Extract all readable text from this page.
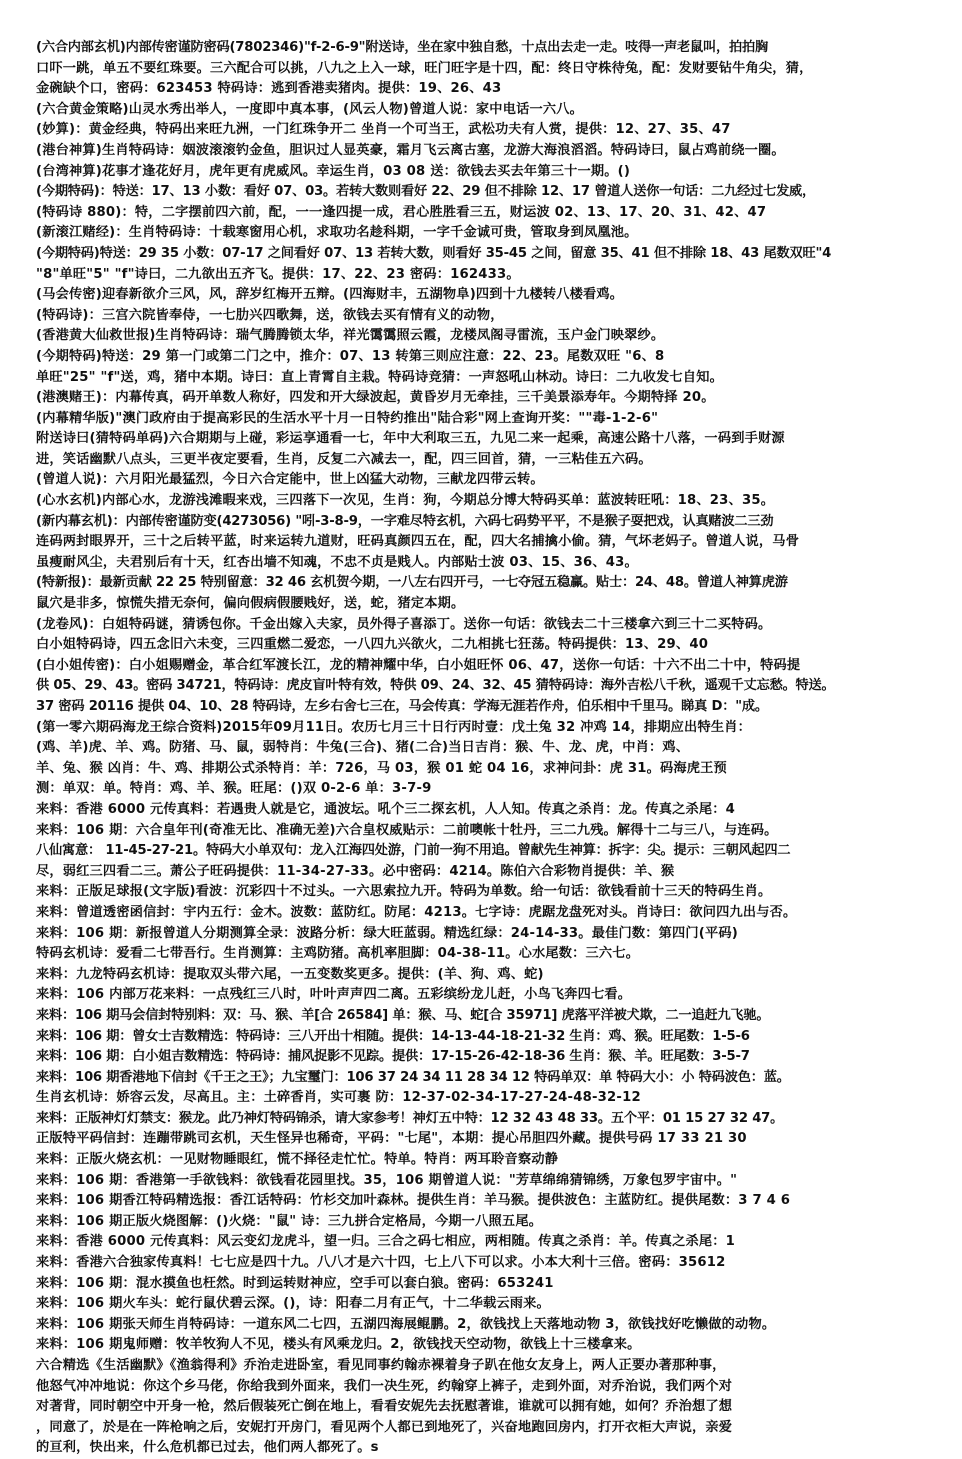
(六合内部玄机)内部传密谨防密码(7802346)"f-2-6-9"附送诗，坐在家中独自愁，十点出去走一走。吱得一声老鼠叫，拍拍胸
口吓一跳，单五不要红珠要。三六配合可以挑，八九之上入一球，旺门旺字是十四，配：终日守株待兔，配：发财要钻牛角尖，猜，
金碗缺个口，密码：623453 特码诗：逃到香港卖猪肉。提供：19、26、43
(六合黄金策略)山灵水秀出举人，一度即中真本事，(风云人物)曾道人说：家中电话一六八。
(妙算)：黄金经典，特码出来旺九洲，一门红珠争开二 坐肖一个可当王，武松功夫有人赏，提供：12、27、35、47
(港台神算)生肖特码诗：姻波滚滚钓金鱼，胆识过人显英豪，霜月飞云离古塞，龙游大海浪滔滔。特码诗曰，鼠占鸡前绕一圈。
(台湾神算)花事才逢花好月，虎年更有虎威风。幸运生肖，03 08 送：欲钱去买去年第三十一期。()
(今期特码)：特送：17、13 小数：看好 07、03。若转大数则看好 22、29 但不排除 12、17 曾道人送你一句话：二九经过七发威，
(特码诗 880)：特，二字摆前四六前，配，一一逢四提一成，君心胜胜看三五，财运波 02、13、17、20、31、42、47
(新滚江赌经)：生肖特码诗：十载寒窗用心机，求取功名趁科期，一字千金诚可贵，管取身到凤凰池。
(今期特码)特送：29 35 小数：07-17 之间看好 07、13 若转大数，则看好 35-45 之间，留意 35、41 但不排除 18、43 尾数双旺"4
"8"单旺"5" "f"诗曰，二九欲出五齐飞。提供：17、22、23 密码：162433。
(马会传密)迎春新欲介三风，风，辞岁红梅开五辩。(四海财丰，五湖物阜)四到十九楼转八楼看鸡。
(特码诗)：三宫六院皆奉侍，一七肋兴四歌舞，送，欲钱去买有情有义的动物，
(香港黄大仙救世报)生肖特码诗：瑞气腾腾锁太华，祥光霭霭照云霞，龙楼凤阁寻雷流，玉户金门映翠纱。
(今期特码)特送：29 第一门或第二门之中，推介：07、13 转第三则应注意：22、23。尾数双旺 "6、8
单旺"25" "f"送，鸡，猪中本期。诗曰：直上青霄自主栽。特码诗竞猜：一声怒吼山林动。诗曰：二九收发七自知。
(港澳赌王)：内幕传真，码开单数人称好，四发和开大绿波起，黄昏岁月无牵挂，三千美景添寿年。今期特择 20。
(内幕精华版)"澳门政府由于提高彩民的生活水平十月一日特约推出"陆合彩"网上查询开奖：""毒-1-2-6"
附送诗曰(猜特码单码)六合期期与上碰，彩运享通看一七，年中大利取三五，九见二来一起乘，高速公路十八落，一码到手财源
进，笑话幽默八点头，三更半夜定要看，生肖，反复二六减去一，配，四三回首，猜，一三粘佳五六码。
(曾道人说)：六月阳光最猛烈，今日六合定能中，世上凶猛大动物，三献龙四带云转。
(心水玄机)内部心水，龙游浅滩暇来戏，三四落下一次见，生肖：狗，今期总分博大特码买单：蓝波转旺吼：18、23、35。
(新内幕玄机)：内部传密谨防变(4273056) "吲-3-8-9，一字难尽特玄机，六码七码势平平，不是猴子耍把戏，认真赌波二三劲
连码两封眼界开，三十之后转平蓝，时来运转九道财，旺码真颜四五在，配，四大名捕擒小偷。猜，气坏老妈子。曾道人说，马骨
虽瘦耐风尘，夫君别后有十天，红杏出墙不知魂，不忠不贞是贱人。内部贴士波 03、15、36、43。
(特新报)：最新贡献 22 25 特别留意：32 46 玄机贺今期，一八左右四开弓，一七夺冠五稳赢。贴士：24、48。曾道人神算虎游
鼠穴是非多，惊慌失措无奈何，偏向假病假腰贱好，送，蛇，猪定本期。
(龙卷风)：白姐特码谜，猜诱包你。千金出嫁入夫家，员外得子喜添丁。送你一句话：欲钱去二十三楼拿六到三十二买特码。
白小姐特码诗，四五念旧六未变，三四重燃二爱恋，一八四九兴欲火，二九相挑七狂荡。特码提供：13、29、40
(白小姐传密)：白小姐赐赠金，革合红军渡长江，龙的精神耀中华，白小姐旺怀 06、47，送你一句话：十六不出二十中，特码提
供 05、29、43。密码 34721，特码诗：虎皮盲叶特有效，特供 09、24、32、45 猜特码诗：海外吉松八千秋，遥观千丈忘愁。特送。
37 密码 20116 提供 04、10、28 特码诗，左乡右舍七三在，马会传真：学海无涯若作舟，伯乐相中千里马。睇真 D："成。
(第一零六期码海龙王综合资料)2015年09月11日。农历七月三十日行丙时壹：戊土兔 32 冲鸡 14，排期应出特生肖：
(鸡、羊)虎、羊、鸡。防猪、马、鼠，弱特肖：牛兔(三合)、猪(二合)当日吉肖：猴、牛、龙、虎，中肖：鸡、
羊、兔、猴 凶肖：牛、鸡、排期公式杀特肖：羊：726，马 03，猴 01 蛇 04 16，求神问卦：虎 31。码海虎王预
测：单双：单。特肖：鸡、羊、猴。旺尾：()双 0-2-6 单：3-7-9
来料：香港 6000 元传真料：若遇贵人就是它，通波坛。吼个三二探玄机，人人知。传真之杀肖：龙。传真之杀尾：4
来料：106 期：六合皇年刊(奇准无比、准确无差)六合皇权威贴示：二前噢帐十牡丹，三二九残。解得十二与三八，与连码。
八仙寓意： 11-45-27-21。特码大小单双句：龙入江海四处游，门前一狗不用追。曾献先生神算：拆字：尖。提示：三朝风起四二
尽，弱红三四看二三。萧公子旺码提供：11-34-27-33。必中密码：4214。陈伯六合彩物肖提供：羊、猴
来料：正版足球报(文字版)看波：沉彩四十不过头。一六思索拉九开。特码为单数。给一句话：欲钱看前十三天的特码生肖。
来料：曾道透密函信封：宇内五行：金木。波数：蓝防红。防尾：4213。七字诗：虎踞龙盘死对头。肖诗曰：欲问四九出与否。
来料：106 期：新报曾道人分期测算全录：波路分析：绿大旺蓝弱。精选红绿：24-14-33。最佳门数：第四门(平码)
特码玄机诗：爱看二七带吾行。生肖测算：主鸡防猪。高机率胆脚：04-38-11。心水尾数：三六七。
来料：九龙特码玄机诗：提取双头带六尾，一五变数奖更多。提供：(羊、狗、鸡、蛇)
来料：106 内部万花来料：一点残红三八时，叶叶声声四二离。五彩缤纷龙儿赶，小鸟飞奔四七看。
来料：106 期马会信封特别料：双：马、猴、羊[合 26584] 单：猴、马、蛇[合 35971] 虎落平洋被犬欺，二一追赶九飞驰。
来料：106 期：曾女士吉数精选：特码诗：三八开出十相随。提供：14-13-44-18-21-32 生肖：鸡、猴。旺尾数：1-5-6
来料：106 期：白小姐吉数精选：特码诗：捕风捉影不见踪。提供：17-15-26-42-18-36 生肖：猴、羊。旺尾数：3-5-7
来料：106 期香港地下信封《千王之王》；九宝璽门：106 37 24 34 11 28 34 12 特码单双：单 特码大小：小 特码波色：蓝。
生肖玄机诗：娇容云发，尽高且。主：土碎香肖，实可裹 防：12-37-02-34-17-27-24-48-32-12
来料：正版神灯灯禁支：猴龙。此乃神灯特码锦杀，请大家参考！神灯五中特：12 32 43 48 33。五个平：01 15 27 32 47。
正版特平码信封：连蹦带跳司玄机，天生怪异也稀奇，平码："七尾"，本期：提心吊胆四外藏。提供号码 17 33 21 30
来料：正版火烧玄机：一见财物睡眼红，慌不择径走忙忙。特单。特肖：两耳聆音察动静
来料：106 期：香港第一手欲钱料：欲钱看花园里找。35，106 期曾道人说："芳草绵绵猜锦绣，万象包罗宇宙中。"
来料：106 期香江特码精选报：香江话特码：竹杉交加叶森林。提供生肖：羊马猴。提供波色：主蓝防红。提供尾数：3 7 4 6
来料：106 期正版火烧图解：()火烧："鼠" 诗：三九拼合定格局，今期一八照五尾。
来料：香港 6000 元传真料：风云变幻龙虎斗，望一归。三合之码七相应，两相随。传真之杀肖：羊。传真之杀尾：1
来料：香港六合独家传真料！七七应是四十九。八八才是六十四，七上八下可以求。小本大利十三倍。密码：35612
来料：106 期：混水摸鱼也枉然。时到运转财神应，空手可以套白狼。密码：653241
来料：106 期火车头：蛇行鼠伏碧云深。()，诗：阳春二月有正气，十二华载云雨来。
来料：106 期张天师生肖特码诗：一道东风二七四，五湖四海展鲲鹏。2，欲钱找上天落地动物 3，欲钱找好吃懒做的动物。
来料：106 期鬼师赠：牧羊牧狗人不见，楼头有风乘龙归。2，欲钱找天空动物，欲钱上十三楼拿来。
六合精选《生活幽默》《渔翁得利》乔治走进卧室，看见同事约翰赤裸着身子趴在他女友身上，两人正要办著那种事，
他怒气冲冲地说：你这个乡马佬，你给我到外面来，我们一决生死，约翰穿上裤子，走到外面，对乔治说，我们两个对
对著背，同时朝空中开身一枪，然后假装死亡倒在地上，看看安妮先去抚慰著谁，谁就可以拥有她，如何？乔治想了想
，同意了，於是在一阵枪响之后，安妮打开房门，看见两个人都已到地死了，兴奋地跑回房内，打开衣柜大声说，亲爱
的亘利，快出来，什么危机都已过去，他们两人都死了。s
